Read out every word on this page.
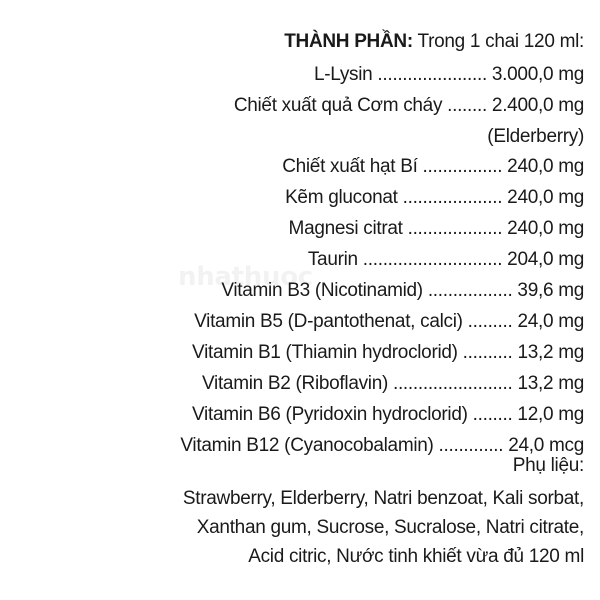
THÀNH PHẦN: Trong 1 chai 120 ml:
L-Lysin ...................... 3.000,0 mg
Chiết xuất quả Cơm cháy ........ 2.400,0 mg
(Elderberry)
Chiết xuất hạt Bí ................ 240,0 mg
Kẽm gluconat .................... 240,0 mg
Magnesi citrat ................... 240,0 mg
Taurin ............................ 204,0 mg
Vitamin B3 (Nicotinamid) ................. 39,6 mg
Vitamin B5 (D-pantothenat, calci) ......... 24,0 mg
Vitamin B1 (Thiamin hydroclorid) .......... 13,2 mg
Vitamin B2 (Riboflavin) ........................ 13,2 mg
Vitamin B6 (Pyridoxin hydroclorid) ........ 12,0 mg
Vitamin B12 (Cyanocobalamin) ............. 24,0 mcg
nhathuoc
Phụ liệu:
Strawberry, Elderberry, Natri benzoat, Kali sorbat,
Xanthan gum, Sucrose, Sucralose, Natri citrate,
Acid citric, Nước tinh khiết vừa đủ 120 ml
